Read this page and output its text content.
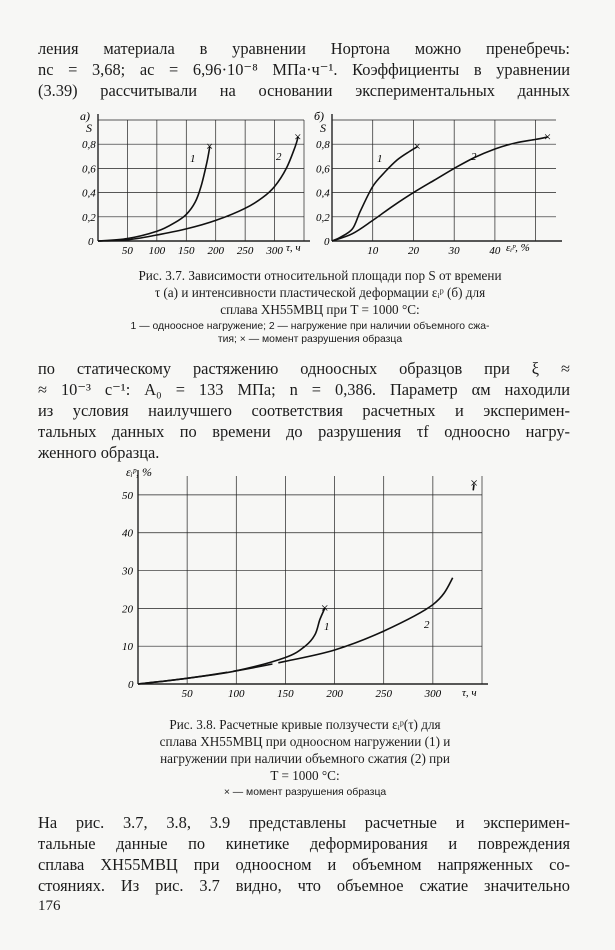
ления материала в уравнении Нортона можно пренебречь:
nc = 3,68; ac = 6,96·10⁻⁸ МПа·ч⁻¹. Коэффициенты в уравнении
(3.39) рассчитывали на основании экспериментальных данных
а)
S
0,8
0,6
0,4
0,2
0
50 100 150 200 250 300 τ, ч
×
×
1	2
б)
S
0,8
0,6
0,4
0,2
0
10	20	30	40 εᵢᵖ, %
×
×
1	2
Рис. 3.7. Зависимости относительной площади пор S от времени
τ (а) и интенсивности пластической деформации εᵢᵖ (б) для
сплава ХН55МВЦ при T = 1000 °С:
1 — одноосное нагружение; 2 — нагружение при наличии объемного сжа-
тия; × — момент разрушения образца
по статическому растяжению одноосных образцов при ξ ≈
≈ 10⁻³ с⁻¹: A₀ = 133 МПа; n = 0,386. Параметр αм находили
из условия наилучшего соответствия расчетных и эксперимен-
тальных данных по времени до разрушения τf одноосно нагру-
женного образца.
εᵢᵖ, %
50
40
30
20
10
0
50	100	150	200	250	300 τ, ч
×
×
1	2
Рис. 3.8. Расчетные кривые ползучести εᵢᵖ(τ) для
сплава ХН55МВЦ при одноосном нагружении (1) и
нагружении при наличии объемного сжатия (2) при
T = 1000 °С:
× — момент разрушения образца
На рис. 3.7, 3.8, 3.9 представлены расчетные и эксперимен-
тальные данные по кинетике деформирования и повреждения
сплава ХН55МВЦ при одноосном и объемном напряженных со-
стояниях. Из рис. 3.7 видно, что объемное сжатие значительно
176
